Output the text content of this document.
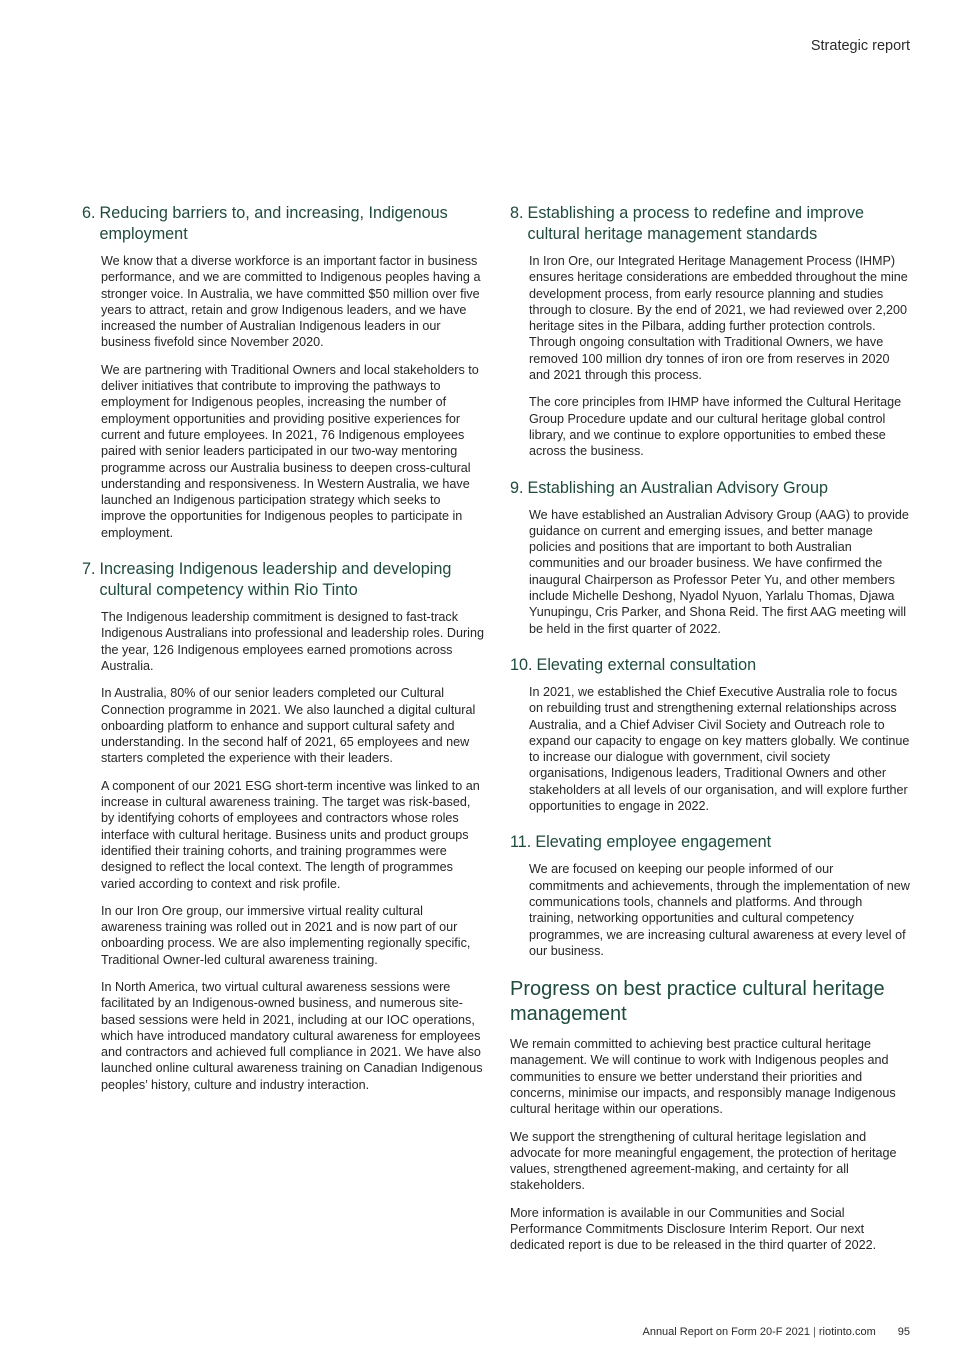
Strategic report
6. Reducing barriers to, and increasing, Indigenous employment

We know that a diverse workforce is an important factor in business performance, and we are committed to Indigenous peoples having a stronger voice. In Australia, we have committed $50 million over five years to attract, retain and grow Indigenous leaders, and we have increased the number of Australian Indigenous leaders in our business fivefold since November 2020.

We are partnering with Traditional Owners and local stakeholders to deliver initiatives that contribute to improving the pathways to employment for Indigenous peoples, increasing the number of employment opportunities and providing positive experiences for current and future employees. In 2021, 76 Indigenous employees paired with senior leaders participated in our two-way mentoring programme across our Australia business to deepen cross-cultural understanding and responsiveness. In Western Australia, we have launched an Indigenous participation strategy which seeks to improve the opportunities for Indigenous peoples to participate in employment.

7. Increasing Indigenous leadership and developing cultural competency within Rio Tinto

The Indigenous leadership commitment is designed to fast-track Indigenous Australians into professional and leadership roles. During the year, 126 Indigenous employees earned promotions across Australia.

In Australia, 80% of our senior leaders completed our Cultural Connection programme in 2021. We also launched a digital cultural onboarding platform to enhance and support cultural safety and understanding. In the second half of 2021, 65 employees and new starters completed the experience with their leaders.

A component of our 2021 ESG short-term incentive was linked to an increase in cultural awareness training. The target was risk-based, by identifying cohorts of employees and contractors whose roles interface with cultural heritage. Business units and product groups identified their training cohorts, and training programmes were designed to reflect the local context. The length of programmes varied according to context and risk profile.

In our Iron Ore group, our immersive virtual reality cultural awareness training was rolled out in 2021 and is now part of our onboarding process. We are also implementing regionally specific, Traditional Owner-led cultural awareness training.

In North America, two virtual cultural awareness sessions were facilitated by an Indigenous-owned business, and numerous site-based sessions were held in 2021, including at our IOC operations, which have introduced mandatory cultural awareness for employees and contractors and achieved full compliance in 2021. We have also launched online cultural awareness training on Canadian Indigenous peoples’ history, culture and industry interaction.

8. Establishing a process to redefine and improve cultural heritage management standards

In Iron Ore, our Integrated Heritage Management Process (IHMP) ensures heritage considerations are embedded throughout the mine development process, from early resource planning and studies through to closure. By the end of 2021, we had reviewed over 2,200 heritage sites in the Pilbara, adding further protection controls. Through ongoing consultation with Traditional Owners, we have removed 100 million dry tonnes of iron ore from reserves in 2020 and 2021 through this process.

The core principles from IHMP have informed the Cultural Heritage Group Procedure update and our cultural heritage global control library, and we continue to explore opportunities to embed these across the business.

9. Establishing an Australian Advisory Group

We have established an Australian Advisory Group (AAG) to provide guidance on current and emerging issues, and better manage policies and positions that are important to both Australian communities and our broader business. We have confirmed the inaugural Chairperson as Professor Peter Yu, and other members include Michelle Deshong, Nyadol Nyuon, Yarlalu Thomas, Djawa Yunupingu, Cris Parker, and Shona Reid. The first AAG meeting will be held in the first quarter of 2022.

10. Elevating external consultation

In 2021, we established the Chief Executive Australia role to focus on rebuilding trust and strengthening external relationships across Australia, and a Chief Adviser Civil Society and Outreach role to expand our capacity to engage on key matters globally. We continue to increase our dialogue with government, civil society organisations, Indigenous leaders, Traditional Owners and other stakeholders at all levels of our organisation, and will explore further opportunities to engage in 2022.

11. Elevating employee engagement

We are focused on keeping our people informed of our commitments and achievements, through the implementation of new communications tools, channels and platforms. And through training, networking opportunities and cultural competency programmes, we are increasing cultural awareness at every level of our business.

Progress on best practice cultural heritage management

We remain committed to achieving best practice cultural heritage management. We will continue to work with Indigenous peoples and communities to ensure we better understand their priorities and concerns, minimise our impacts, and responsibly manage Indigenous cultural heritage within our operations.

We support the strengthening of cultural heritage legislation and advocate for more meaningful engagement, the protection of heritage values, strengthened agreement-making, and certainty for all stakeholders.

More information is available in our Communities and Social Performance Commitments Disclosure Interim Report. Our next dedicated report is due to be released in the third quarter of 2022.

Annual Report on Form 20-F 2021 | riotinto.com 95
